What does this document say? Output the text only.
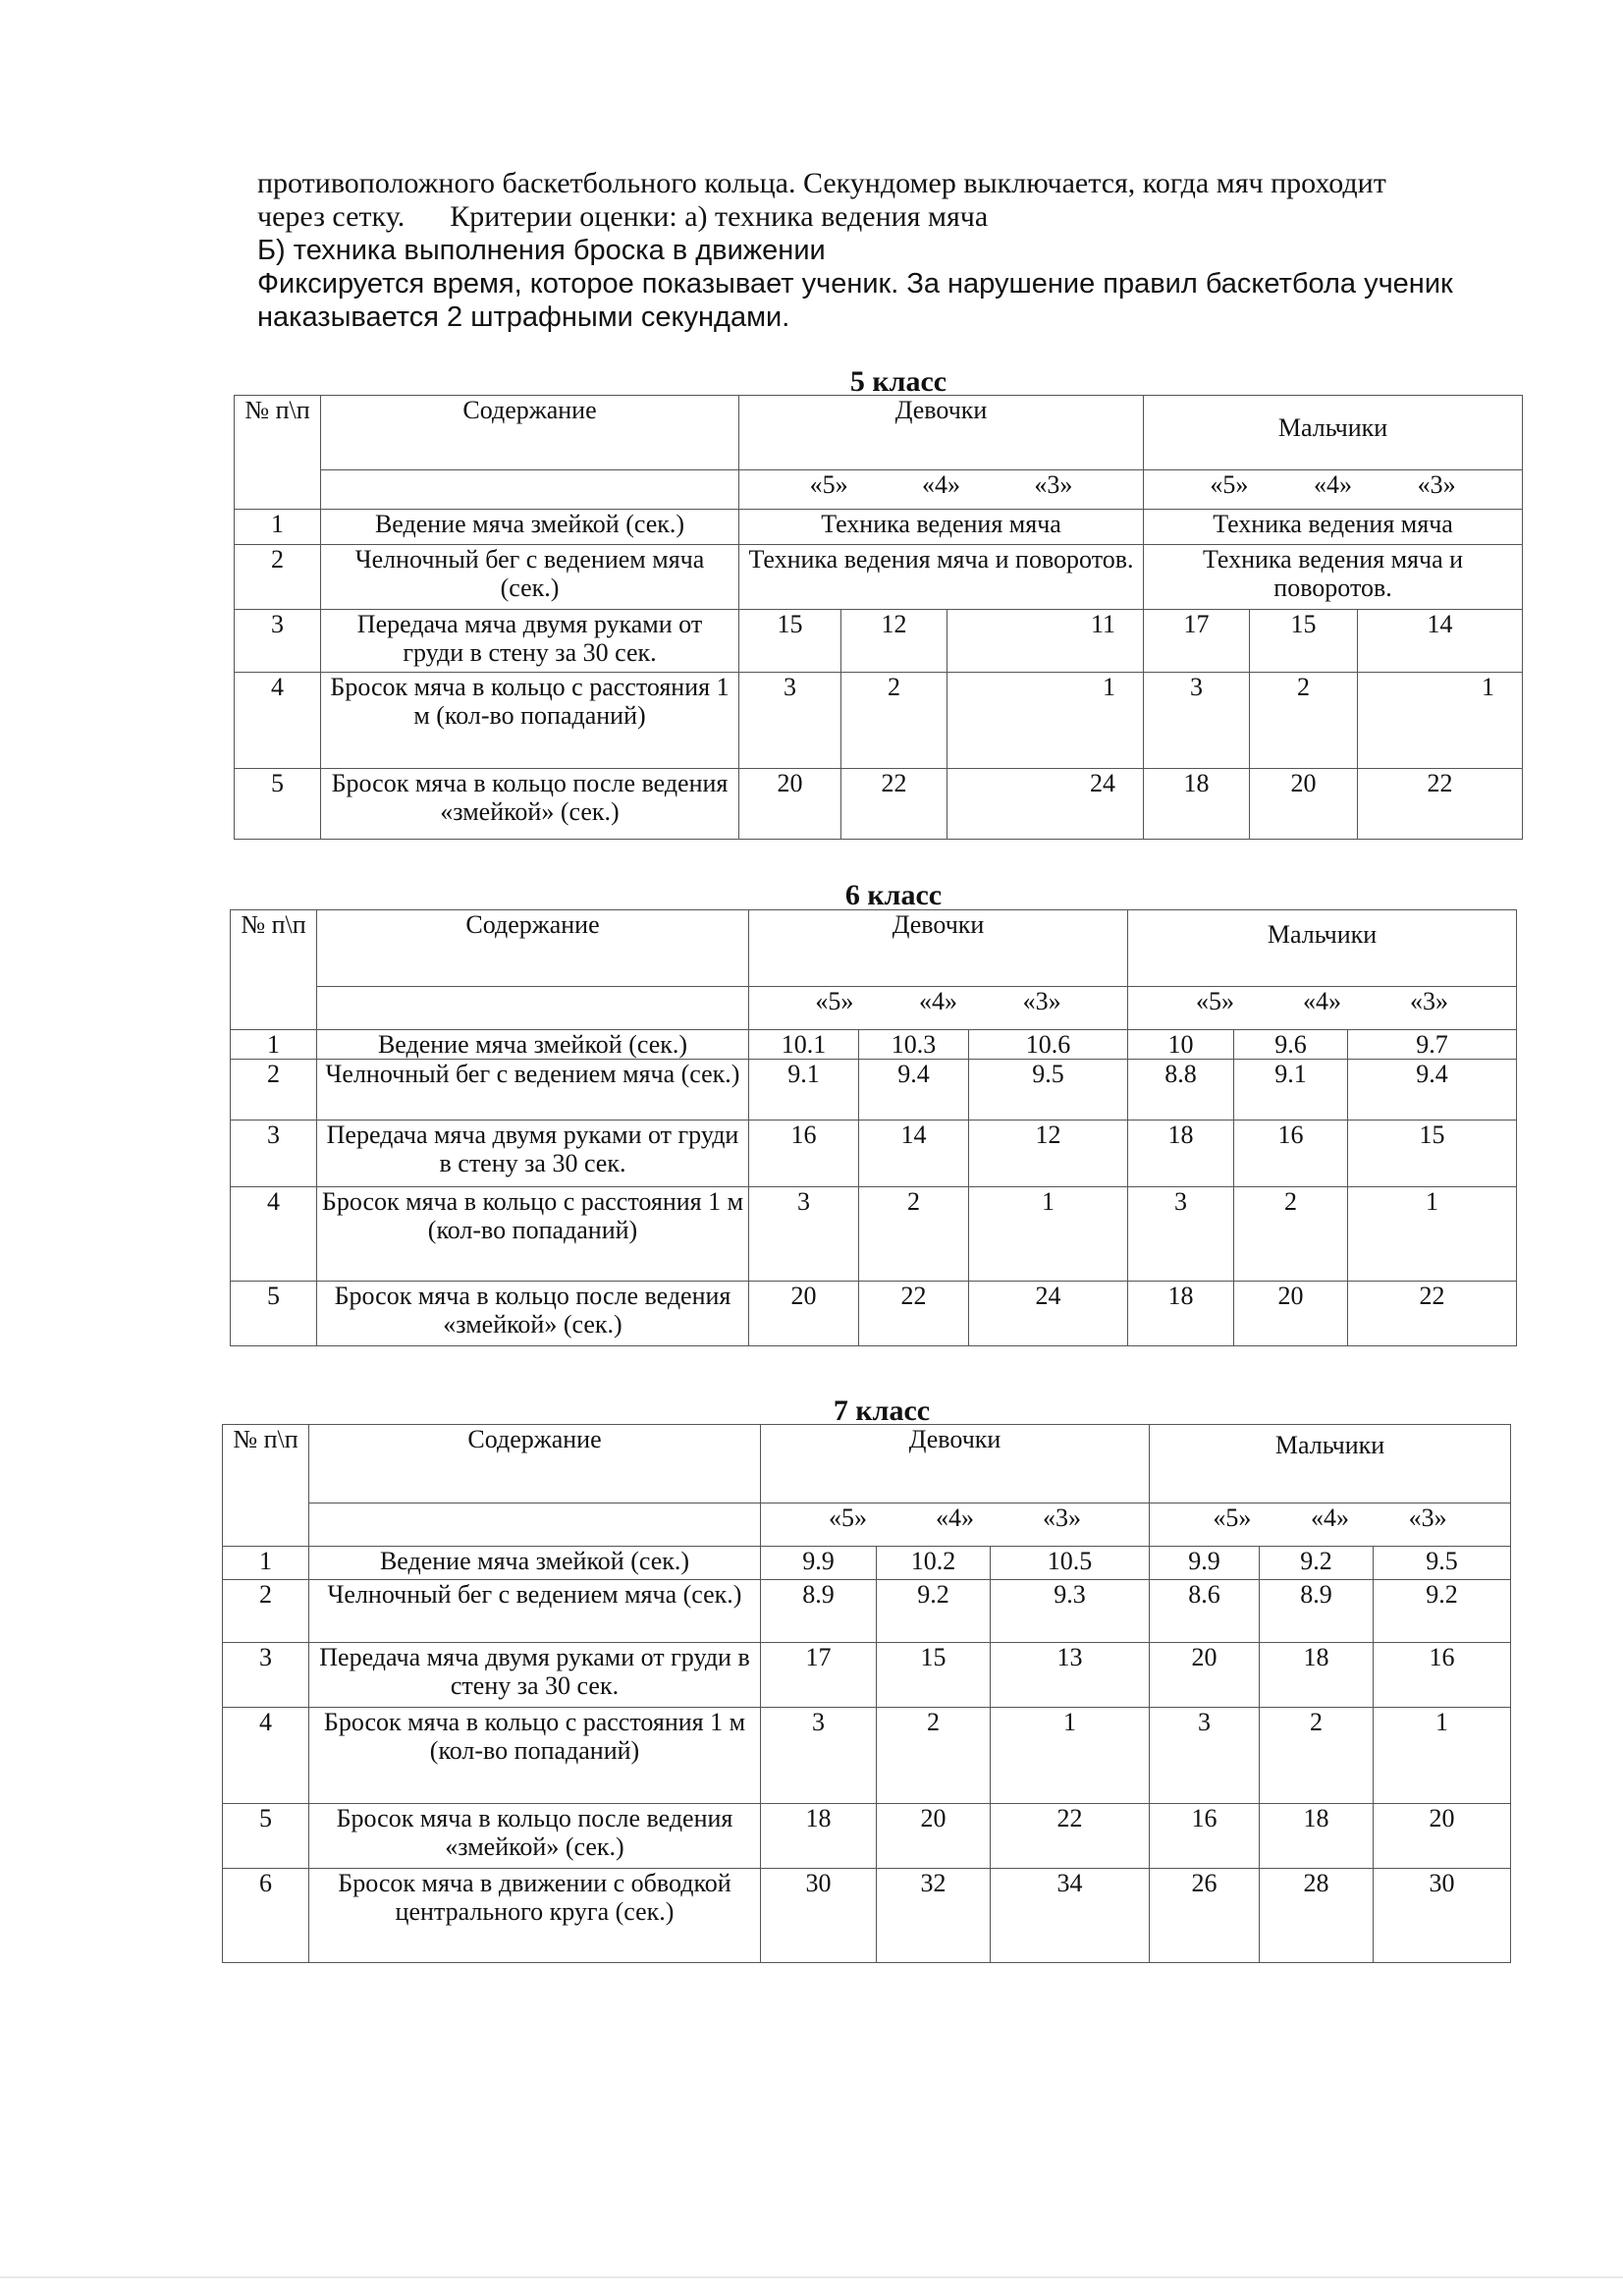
противоположного баскетбольного кольца. Секундомер выключается, когда мяч проходит
через сетку. Критерии оценки: а) техника ведения мяча
Б) техника выполнения броска в движении
Фиксируется время, которое показывает ученик. За нарушение правил баскетбола ученик
наказывается 2 штрафными секундами.
5 класс
№ п\п	Содержание	Девочки			Мальчики		

		«5» «4» «3»			«5» «4» «3»		

1	Ведение мяча змейкой (сек.)	Техника ведения мяча			Техника ведения мяча		
2	Челночный бег с ведением мяча (сек.)	Техника ведения мяча и поворотов.			Техника ведения мяча и поворотов.		
3	Передача мяча двумя руками от груди в стену за 30 сек.	15	12	11	17	15	14
4	Бросок мяча в кольцо с расстояния 1 м (кол-во попаданий)	3	2	1	3	2	1
5	Бросок мяча в кольцо после ведения «змейкой» (сек.)	20	22	24	18	20	22
6 класс
№ п\п	Содержание	Девочки			Мальчики		

		«5» «4» «3»			«5» «4» «3»		

1	Ведение мяча змейкой (сек.)	10.1	10.3	10.6	10	9.6	9.7
2	Челночный бег с ведением мяча (сек.)	9.1	9.4	9.5	8.8	9.1	9.4
3	Передача мяча двумя руками от груди в стену за 30 сек.	16	14	12	18	16	15
4	Бросок мяча в кольцо с расстояния 1 м (кол-во попаданий)	3	2	1	3	2	1
5	Бросок мяча в кольцо после ведения «змейкой» (сек.)	20	22	24	18	20	22
7 класс
№ п\п	Содержание	Девочки			Мальчики		

		«5» «4» «3»			«5» «4» «3»		

1	Ведение мяча змейкой (сек.)	9.9	10.2	10.5	9.9	9.2	9.5
2	Челночный бег с ведением мяча (сек.)	8.9	9.2	9.3	8.6	8.9	9.2
3	Передача мяча двумя руками от груди в стену за 30 сек.	17	15	13	20	18	16
4	Бросок мяча в кольцо с расстояния 1 м (кол-во попаданий)	3	2	1	3	2	1
5	Бросок мяча в кольцо после ведения «змейкой» (сек.)	18	20	22	16	18	20
6	Бросок мяча в движении с обводкой центрального круга (сек.)	30	32	34	26	28	30
